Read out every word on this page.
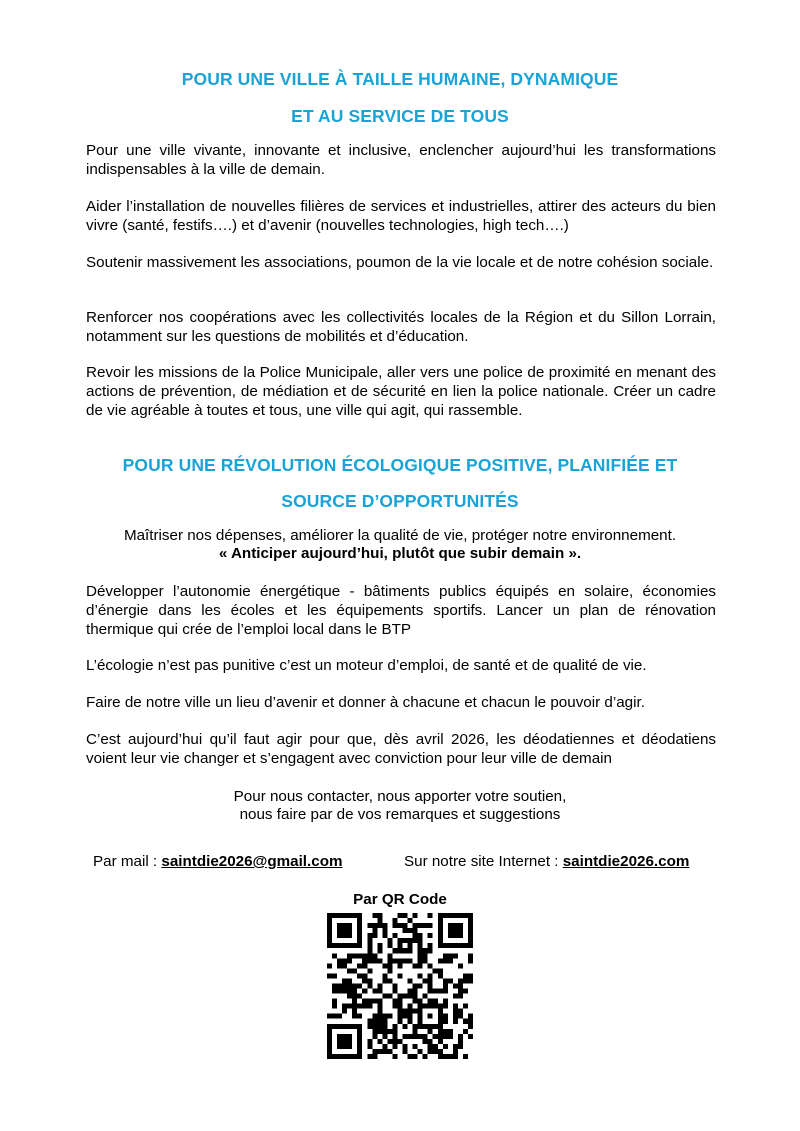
POUR UNE VILLE À TAILLE HUMAINE, DYNAMIQUE
ET AU SERVICE DE TOUS
Pour une ville vivante, innovante et inclusive, enclencher aujourd’hui les transformations indispensables à la ville de demain.
Aider l’installation de nouvelles filières de services et industrielles, attirer des acteurs du bien vivre (santé, festifs….) et d’avenir (nouvelles technologies, high tech….)
Soutenir massivement les associations, poumon de la vie locale et de notre cohésion sociale.
Renforcer nos coopérations avec les collectivités locales de la Région et du Sillon Lorrain, notamment sur les questions de mobilités et d’éducation.
Revoir les missions de la Police Municipale, aller vers une police de proximité en menant des actions de prévention, de médiation et de sécurité en lien la police nationale. Créer un cadre de vie agréable à toutes et tous, une ville qui agit, qui rassemble.
POUR UNE RÉVOLUTION ÉCOLOGIQUE POSITIVE, PLANIFIÉE ET
SOURCE D’OPPORTUNITÉS
Maîtriser nos dépenses, améliorer la qualité de vie, protéger notre environnement.
« Anticiper aujourd’hui, plutôt que subir demain ».
Développer l’autonomie énergétique - bâtiments publics équipés en solaire, économies d’énergie dans les écoles et les équipements sportifs. Lancer un plan de rénovation thermique qui crée de l’emploi local dans le BTP
L’écologie n’est pas punitive c’est un moteur d’emploi, de santé et de qualité de vie.
Faire de notre ville un lieu d’avenir et donner à chacune et chacun le pouvoir d’agir.
C’est aujourd’hui qu’il faut agir pour que, dès avril 2026, les déodatiennes et déodatiens voient leur vie changer et s’engagent avec conviction pour leur ville de demain
Pour nous contacter, nous apporter votre soutien,
nous faire par de vos remarques et suggestions
Par mail : saintdie2026@gmail.com	Sur notre site Internet : saintdie2026.com
Par QR Code
